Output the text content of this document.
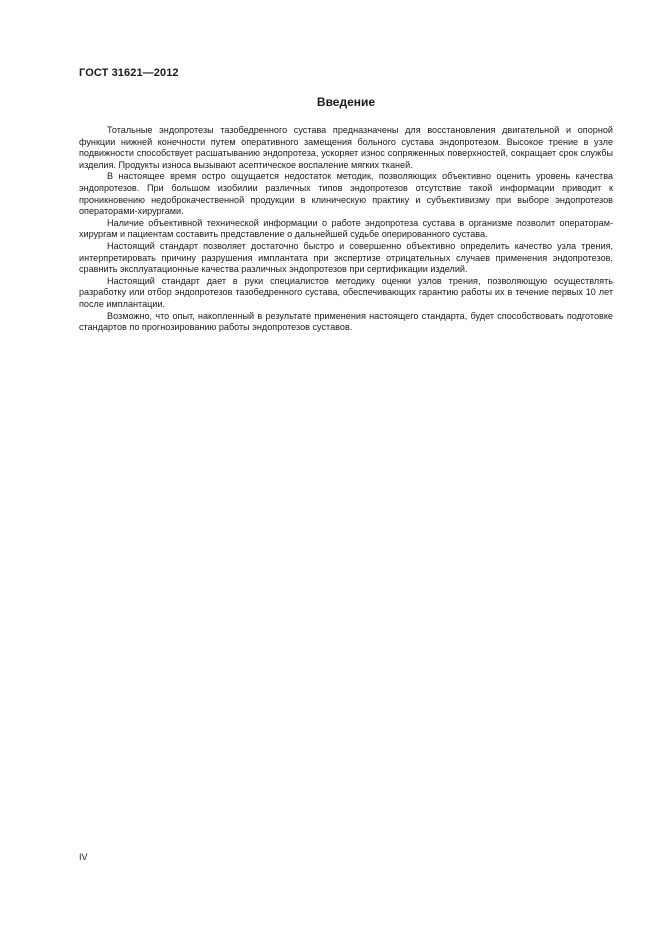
ГОСТ 31621—2012
Введение

Тотальные эндопротезы тазобедренного сустава предназначены для восстановления двигательной и опорной функции нижней конечности путем оперативного замещения больного сустава эндопротезом. Высокое трение в узле подвижности способствует расшатыванию эндопротеза, ускоряет износ сопряженных поверхностей, сокращает срок службы изделия. Продукты износа вызывают асептическое воспаление мягких тканей.

В настоящее время остро ощущается недостаток методик, позволяющих объективно оценить уровень качества эндопротезов. При большом изобилии различных типов эндопротезов отсутствие такой информации приводит к проникновению недоброкачественной продукции в клиническую практику и субъективизму при выборе эндопротезов операторами-хирургами.

Наличие объективной технической информации о работе эндопротеза сустава в организме позволит операторам-хирургам и пациентам составить представление о дальнейшей судьбе оперированного сустава.

Настоящий стандарт позволяет достаточно быстро и совершенно объективно определить качество узла трения, интерпретировать причину разрушения имплантата при экспертизе отрицательных случаев применения эндопротезов, сравнить эксплуатационные качества различных эндопротезов при сертификации изделий.

Настоящий стандарт дает в руки специалистов методику оценки узлов трения, позволяющую осуществлять разработку или отбор эндопротезов тазобедренного сустава, обеспечивающих гарантию работы их в течение первых 10 лет после имплантации.

Возможно, что опыт, накопленный в результате применения настоящего стандарта, будет способствовать подготовке стандартов по прогнозированию работы эндопротезов суставов.

IV
